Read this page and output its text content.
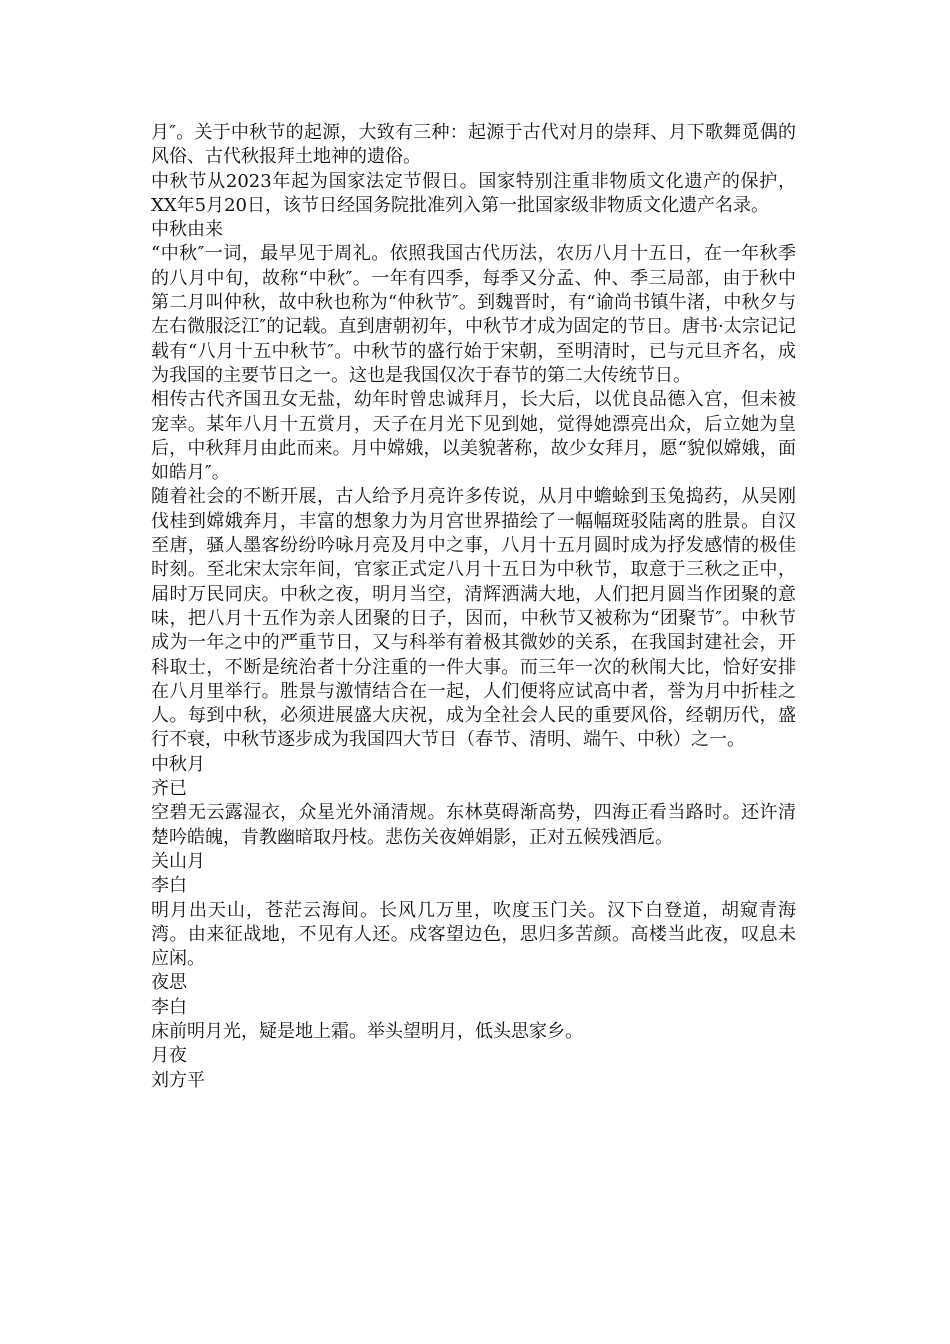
月″。关于中秋节的起源，大致有三种：起源于古代对月的崇拜、月下歌舞觅偶的风俗、古代秋报拜土地神的遗俗。

中秋节从2023年起为国家法定节假日。国家特别注重非物质文化遗产的保护，XX年5月20日，该节日经国务院批准列入第一批国家级非物质文化遗产名录。

中秋由来

“中秋″一词，最早见于周礼。依照我国古代历法，农历八月十五日，在一年秋季的八月中旬，故称“中秋″。一年有四季，每季又分孟、仲、季三局部，由于秋中第二月叫仲秋，故中秋也称为“仲秋节″。到魏晋时，有“谕尚书镇牛渚，中秋夕与左右微服泛江″的记载。直到唐朝初年，中秋节才成为固定的节日。唐书·太宗记记载有“八月十五中秋节″。中秋节的盛行始于宋朝，至明清时，已与元旦齐名，成为我国的主要节日之一。这也是我国仅次于春节的第二大传统节日。

相传古代齐国丑女无盐，幼年时曾忠诚拜月，长大后，以优良品德入宫，但未被宠幸。某年八月十五赏月，天子在月光下见到她，觉得她漂亮出众，后立她为皇后，中秋拜月由此而来。月中嫦娥，以美貌著称，故少女拜月，愿“貌似嫦娥，面如皓月″。

随着社会的不断开展，古人给予月亮许多传说，从月中蟾蜍到玉兔捣药，从吴刚伐桂到嫦娥奔月，丰富的想象力为月宫世界描绘了一幅幅斑驳陆离的胜景。自汉至唐，骚人墨客纷纷吟咏月亮及月中之事，八月十五月圆时成为抒发感情的极佳时刻。至北宋太宗年间，官家正式定八月十五日为中秋节，取意于三秋之正中，届时万民同庆。中秋之夜，明月当空，清辉洒满大地，人们把月圆当作团聚的意味，把八月十五作为亲人团聚的日子，因而，中秋节又被称为“团聚节″。中秋节成为一年之中的严重节日，又与科举有着极其微妙的关系，在我国封建社会，开科取士，不断是统治者十分注重的一件大事。而三年一次的秋闱大比，恰好安排在八月里举行。胜景与激情结合在一起，人们便将应试高中者，誉为月中折桂之人。每到中秋，必须进展盛大庆祝，成为全社会人民的重要风俗，经朝历代，盛行不衰，中秋节逐步成为我国四大节日（春节、清明、端午、中秋）之一。

中秋月

齐已

空碧无云露湿衣，众星光外涌清规。东林莫碍渐高势，四海正看当路时。还许清楚吟皓魄，肯教幽暗取丹枝。悲伤关夜婵娟影，正对五候残酒卮。

关山月

李白

明月出天山，苍茫云海间。长风几万里，吹度玉门关。汉下白登道，胡窥青海湾。由来征战地，不见有人还。戍客望边色，思归多苦颜。高楼当此夜，叹息未应闲。

夜思

李白

床前明月光，疑是地上霜。举头望明月，低头思家乡。

月夜

刘方平
